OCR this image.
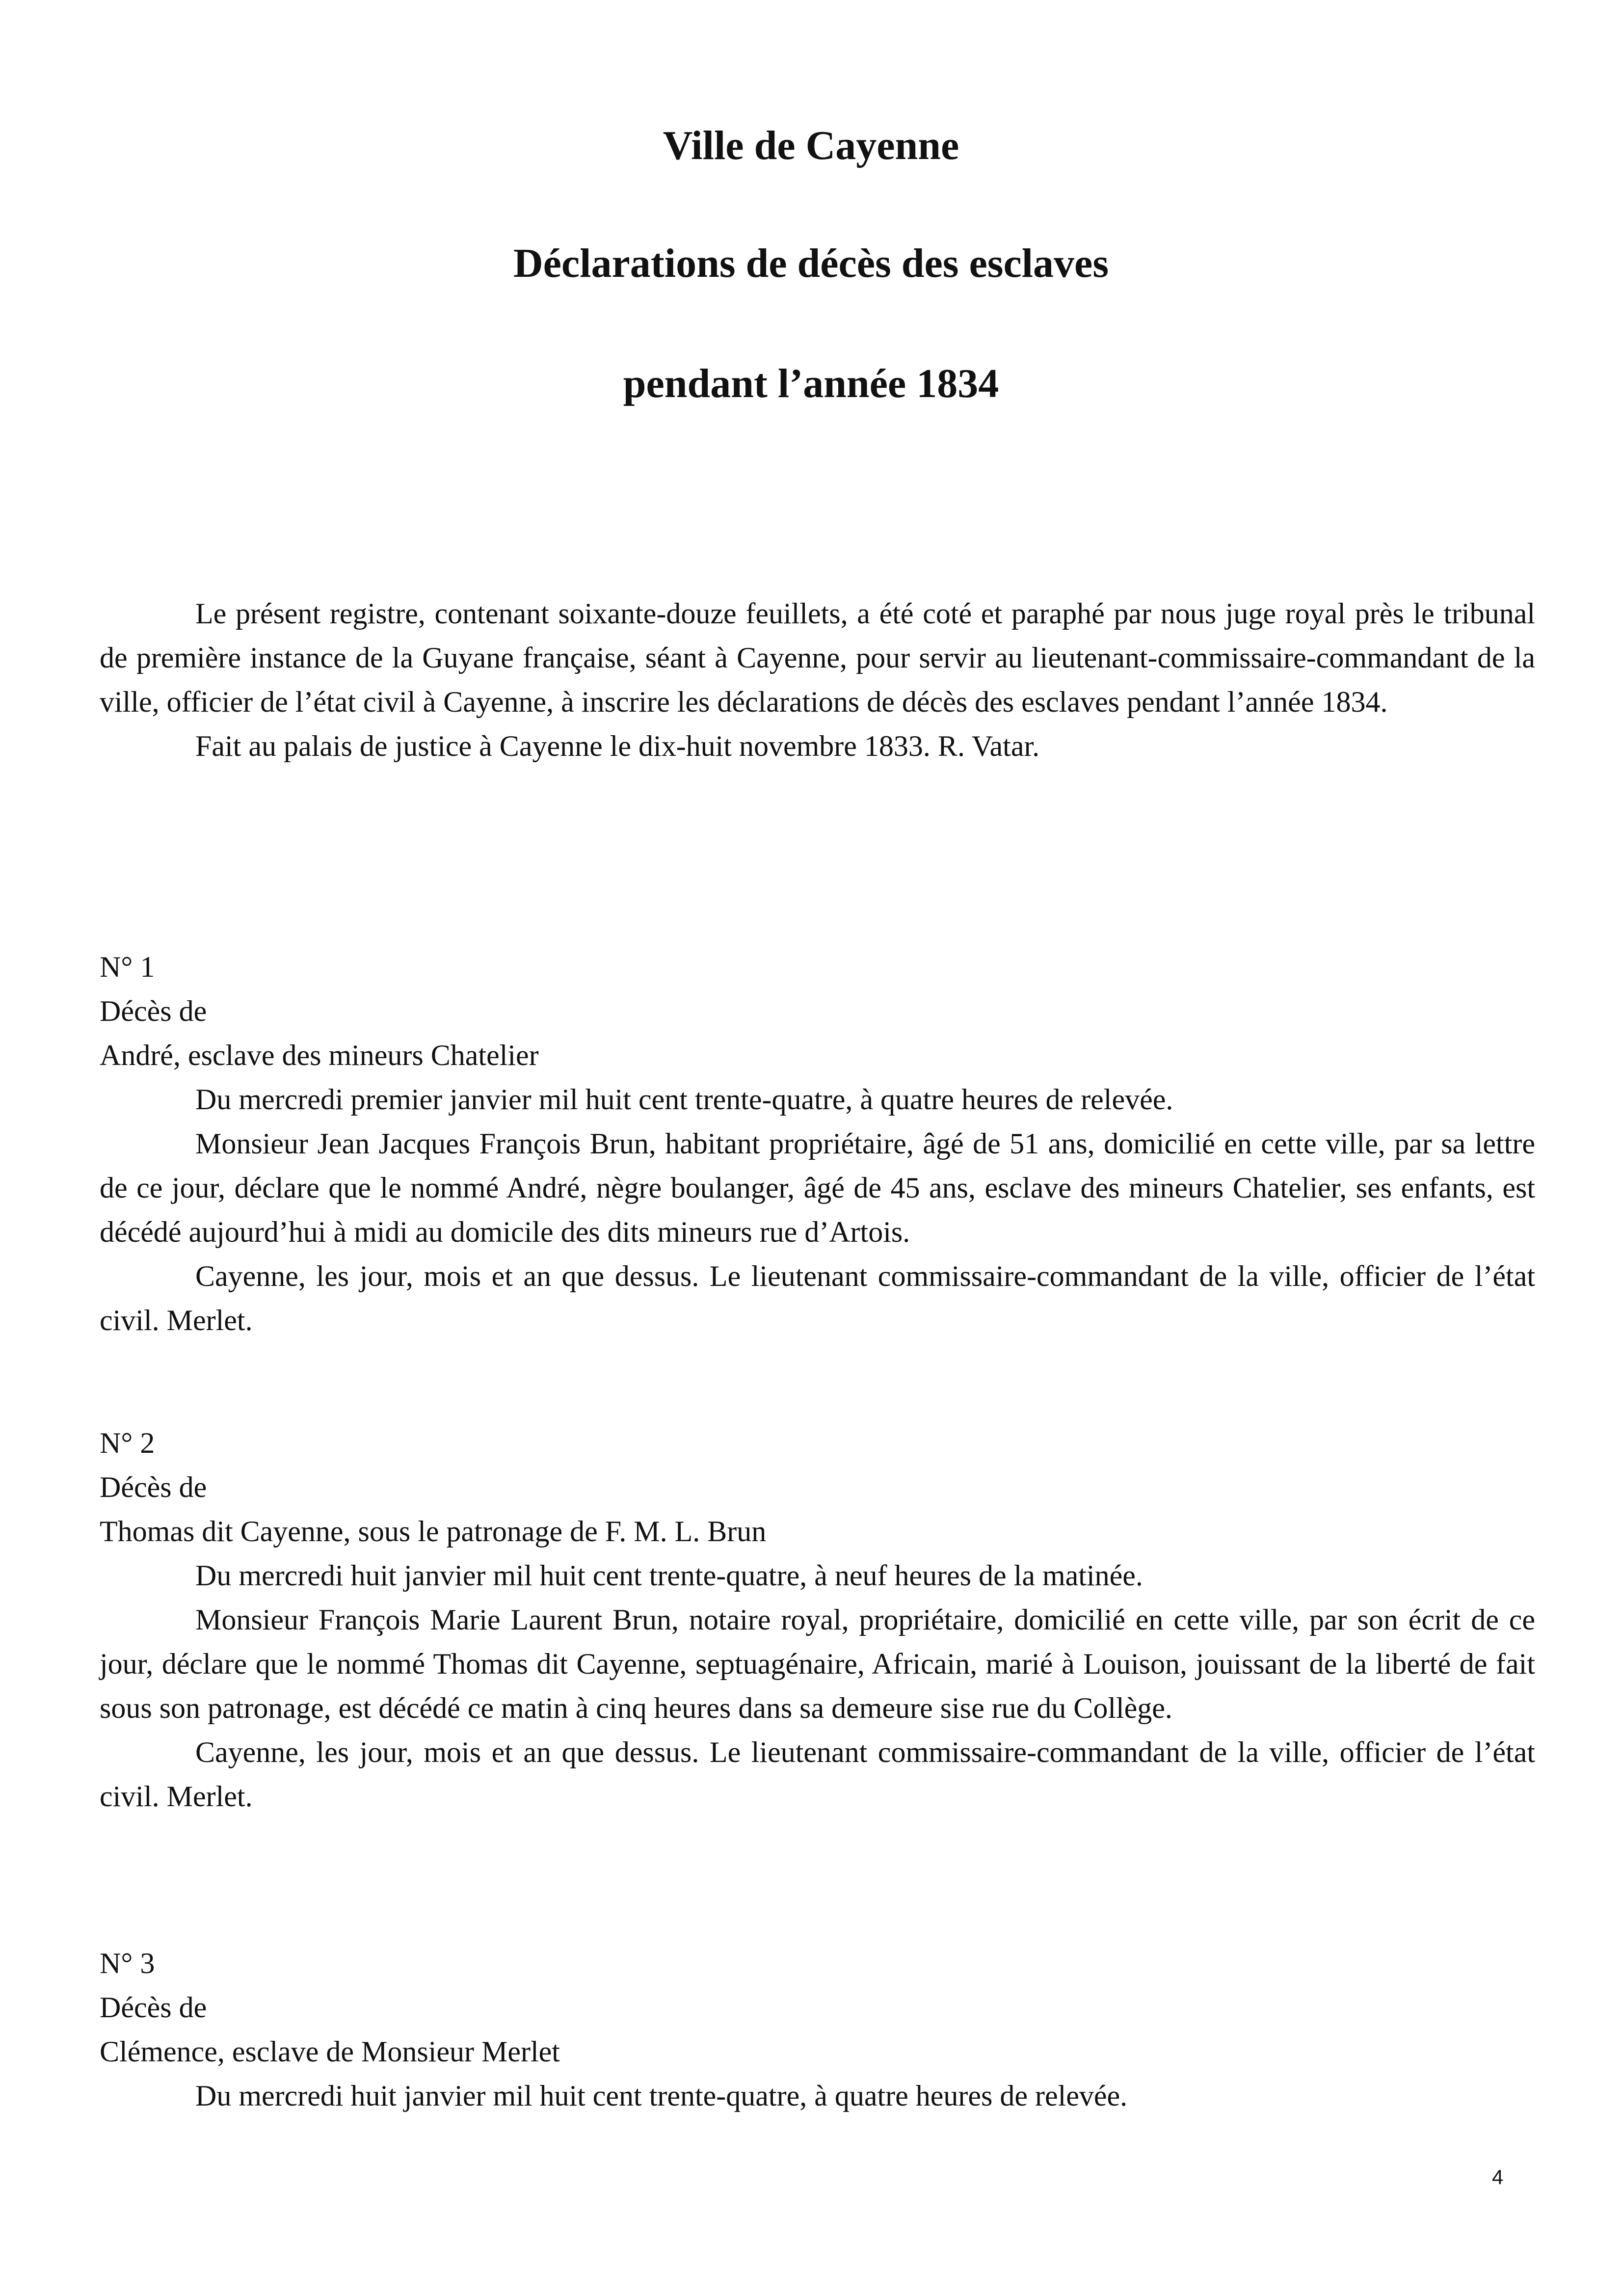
Ville de Cayenne
Déclarations de décès des esclaves
pendant l’année 1834

Le présent registre, contenant soixante-douze feuillets, a été coté et paraphé par nous juge royal près le tribunal de première instance de la Guyane française, séant à Cayenne, pour servir au lieutenant-commissaire-commandant de la ville, officier de l’état civil à Cayenne, à inscrire les déclarations de décès des esclaves pendant l’année 1834.

Fait au palais de justice à Cayenne le dix-huit novembre 1833. R. Vatar.

N° 1

Décès de

André, esclave des mineurs Chatelier

Du mercredi premier janvier mil huit cent trente-quatre, à quatre heures de relevée.

Monsieur Jean Jacques François Brun, habitant propriétaire, âgé de 51 ans, domicilié en cette ville, par sa lettre de ce jour, déclare que le nommé André, nègre boulanger, âgé de 45 ans, esclave des mineurs Chatelier, ses enfants, est décédé aujourd’hui à midi au domicile des dits mineurs rue d’Artois.

Cayenne, les jour, mois et an que dessus. Le lieutenant commissaire-commandant de la ville, officier de l’état civil. Merlet.

N° 2

Décès de

Thomas dit Cayenne, sous le patronage de F. M. L. Brun

Du mercredi huit janvier mil huit cent trente-quatre, à neuf heures de la matinée.

Monsieur François Marie Laurent Brun, notaire royal, propriétaire, domicilié en cette ville, par son écrit de ce jour, déclare que le nommé Thomas dit Cayenne, septuagénaire, Africain, marié à Louison, jouissant de la liberté de fait sous son patronage, est décédé ce matin à cinq heures dans sa demeure sise rue du Collège.

Cayenne, les jour, mois et an que dessus. Le lieutenant commissaire-commandant de la ville, officier de l’état civil. Merlet.

N° 3

Décès de

Clémence, esclave de Monsieur Merlet

Du mercredi huit janvier mil huit cent trente-quatre, à quatre heures de relevée.

4
